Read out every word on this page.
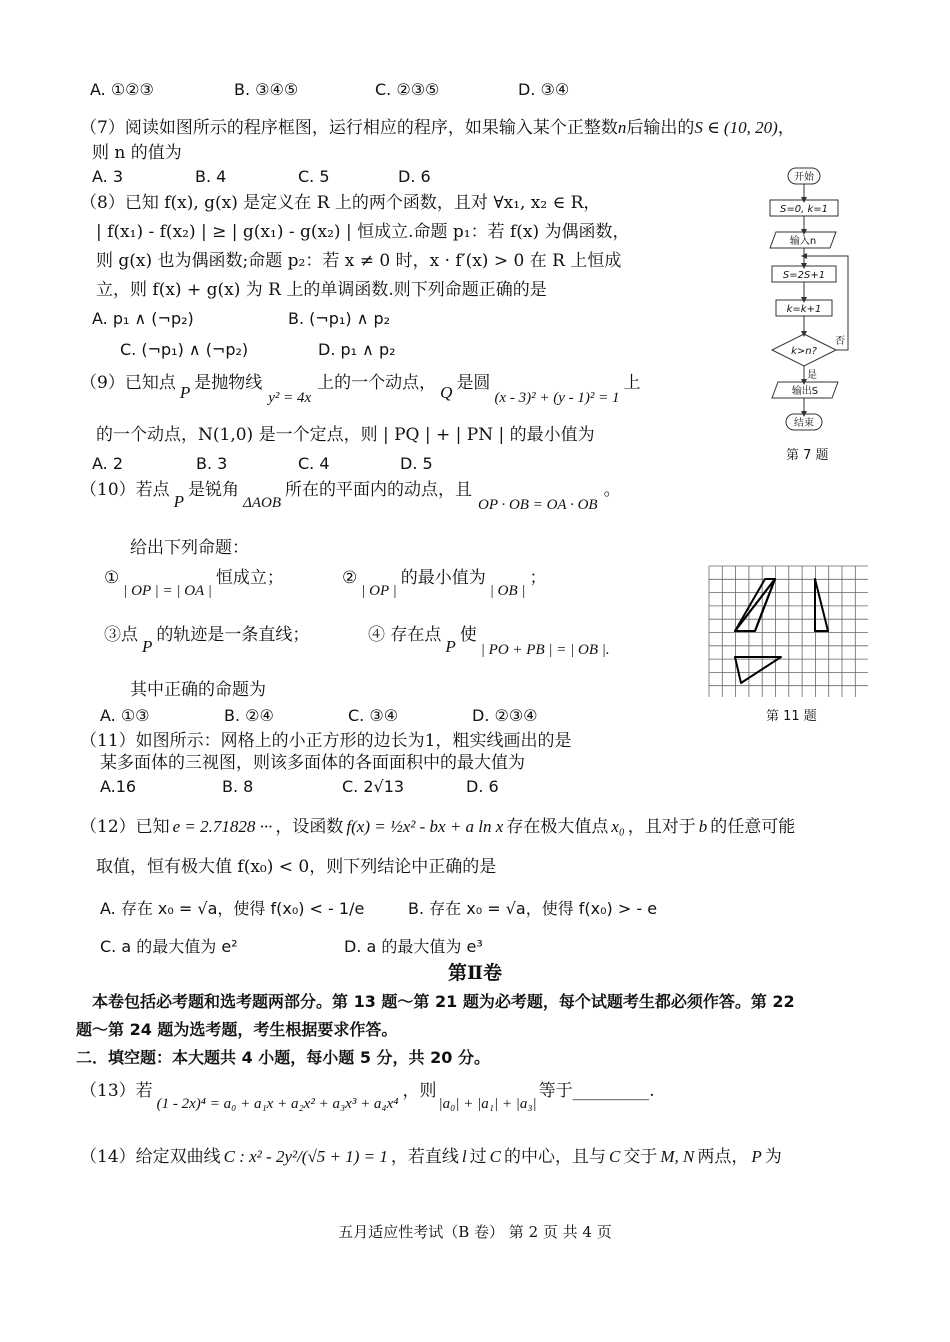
A. ①②③	B. ③④⑤	C. ②③⑤	D. ③④
（7）阅读如图所示的程序框图，运行相应的程序，如果输入某个正整数n后输出的S ∈ (10, 20)，
则 n 的值为
A. 3	B. 4	C. 5	D. 6
（8）已知 f(x), g(x) 是定义在 R 上的两个函数，且对 ∀x₁, x₂ ∈ R，
| f(x₁) - f(x₂) | ≥ | g(x₁) - g(x₂) | 恒成立.命题 p₁：若 f(x) 为偶函数，
则 g(x) 也为偶函数;命题 p₂：若 x ≠ 0 时，x · f′(x) > 0 在 R 上恒成
立，则 f(x) + g(x) 为 R 上的单调函数.则下列命题正确的是
A. p₁ ∧ (¬p₂)	B. (¬p₁) ∧ p₂
C. (¬p₁) ∧ (¬p₂)	D. p₁ ∧ p₂
（9）已知点 P 是抛物线y² = 4x上的一个动点， Q 是圆(x - 3)² + (y - 1)² = 1上
的一个动点，N(1,0) 是一个定点，则 | PQ | + | PN | 的最小值为
A. 2	B. 3	C. 4	D. 5
（10）若点P是锐角ΔAOB所在的平面内的动点，且OP · OB = OA · OB。
给出下列命题：
①| OP | = | OA |恒成立；	②| OP |的最小值为| OB |；
③点P的轨迹是一条直线；	④ 存在点P使| PO + PB | = | OB |.
其中正确的命题为
A. ①③	B. ②④	C. ③④	D. ②③④
（11）如图所示：网格上的小正方形的边长为1，粗实线画出的是
某多面体的三视图，则该多面体的各面面积中的最大值为
A.16	B. 8	C. 2√13	D. 6
（12）已知 e = 2.71828 ··· ，设函数 f(x) = ½x² - bx + a ln x 存在极大值点 x₀ ，且对于 b 的任意可能
取值，恒有极大值 f(x₀) < 0，则下列结论中正确的是
A. 存在 x₀ = √a，使得 f(x₀) < - 1/e	B. 存在 x₀ = √a，使得 f(x₀) > - e
C. a 的最大值为 e²	D. a 的最大值为 e³
第Ⅱ卷
本卷包括必考题和选考题两部分。第 13 题～第 21 题为必考题，每个试题考生都必须作答。第 22
题～第 24 题为选考题，考生根据要求作答。
二．填空题：本大题共 4 小题，每小题 5 分，共 20 分。
（13）若(1 - 2x)⁴ = a₀ + a₁x + a₂x² + a₃x³ + a₄x⁴，则|a₀| + |a₁| + |a₃|等于_________.
（14）给定双曲线 C : x² - 2y²/(√5 + 1) = 1 ，若直线 l 过 C 的中心，且与 C 交于 M, N 两点， P 为
五月适应性考试（B 卷） 第 2 页 共 4 页
开始
S=0, k=1
输入n
S=2S+1
k=k+1
k>n?
是
否
输出S
结束
第 7 题
第 11 题
